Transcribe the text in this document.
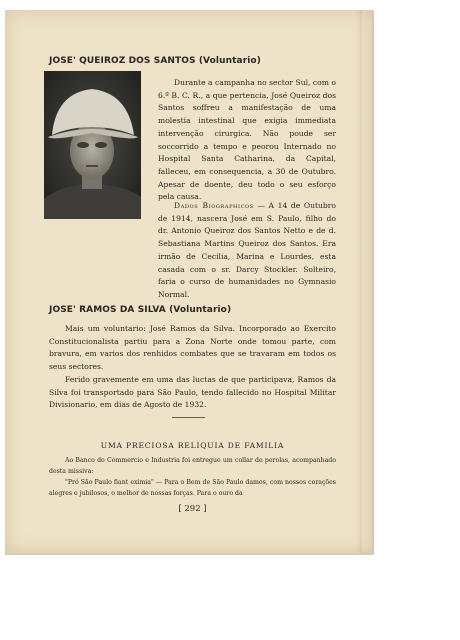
JOSE' QUEIROZ DOS SANTOS (Voluntario)

Durante a campanha no sector Sul, com o 6.º B. C. R., a que pertencia, José Queiroz dos Santos soffreu a manifestação de uma molestia intestinal que exigia immediata intervenção cirurgica. Não poude ser soccorrido a tempo e peorou Internado no Hospital Santa Catharina, da Capital, falleceu, em consequencia, a 30 de Outubro. Apesar de doente, deu todo o seu esforço pela causa.

Dados Biographicos — A 14 de Outubro de 1914, nascera José em S. Paulo, filho do dr. Antonio Queiroz dos Santos Netto e de d. Sebastiana Martins Queiroz dos Santos. Era irmão de Cecilia, Marina e Lourdes, esta casada com o sr. Darcy Stockler. Solteiro, faria o curso de humanidades no Gymnasio Normal.

JOSE' RAMOS DA SILVA (Voluntario)

Mais um voluntario: José Ramos da Silva. Incorporado ao Exercito Constitucionalista partiu para a Zona Norte onde tomou parte, com bravura, em varios dos renhidos combates que se travaram em todos os seus sectores.

Ferido gravemente em uma das luctas de que participava, Ramos da Silva foi transportado para São Paulo, tendo fallecido no Hospital Militar Divisionario, em dias de Agosto de 1932.

UMA PRECIOSA RELIQUIA DE FAMILIA

Ao Banco do Commercio e Industria foi entregue um collar de perolas, acompanhado desta missiva:

"Pró São Paulo fiant eximia" — Para o Bem de São Paulo damos, com nossos corações alegres e jubilosos, o melhor de nossas forças. Para o ouro da

[ 292 ]
